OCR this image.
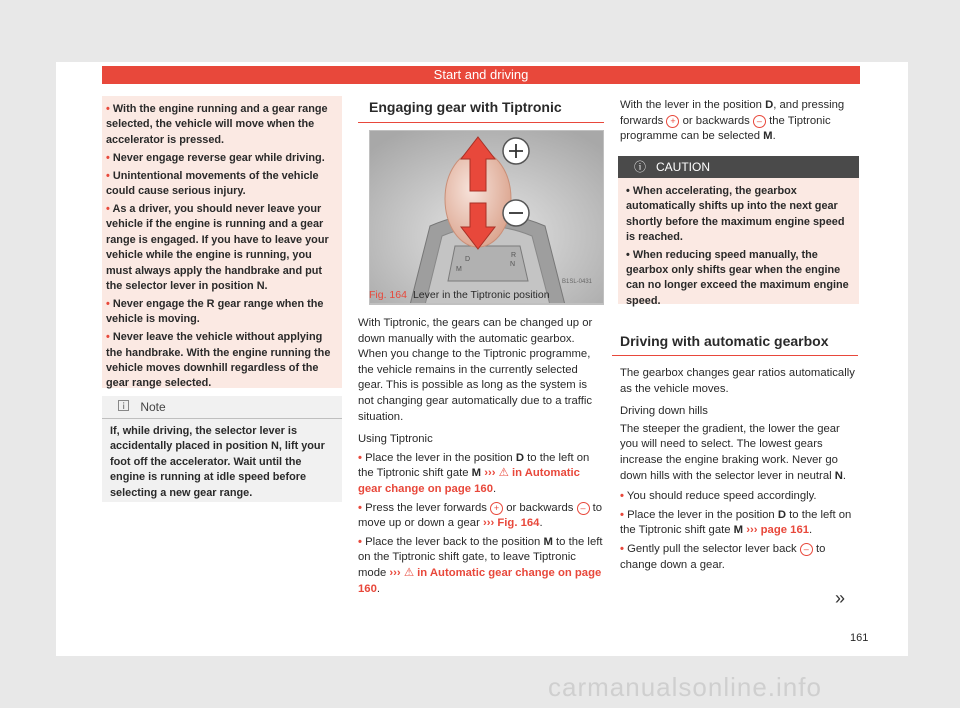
Start and driving

• With the engine running and a gear range selected, the vehicle will move when the accelerator is pressed.

• Never engage reverse gear while driving.

• Unintentional movements of the vehicle could cause serious injury.

• As a driver, you should never leave your vehicle if the engine is running and a gear range is engaged. If you have to leave your vehicle while the engine is running, you must always apply the handbrake and put the selector lever in position N.

• Never engage the R gear range when the vehicle is moving.

• Never leave the vehicle without applying the handbrake. With the engine running the vehicle moves downhill regardless of the gear range selected.

Note
If, while driving, the selector lever is accidentally placed in position N, lift your foot off the accelerator. Wait until the engine is running at idle speed before selecting a new gear range.
Engaging gear with Tiptronic
D
M
N
R
B1SL-0431
Fig. 164 Lever in the Tiptronic position
With Tiptronic, the gears can be changed up or down manually with the automatic gearbox. When you change to the Tiptronic programme, the vehicle remains in the currently selected gear. This is possible as long as the system is not changing gear automatically due to a traffic situation.
Using Tiptronic
• Place the lever in the position D to the left on the Tiptronic shift gate M ››› ⚠ in Automatic gear change on page 160.
• Press the lever forwards + or backwards – to move up or down a gear ››› Fig. 164.
• Place the lever back to the position M to the left on the Tiptronic shift gate, to leave Tiptronic mode ››› ⚠ in Automatic gear change on page 160.
With the lever in the position D, and pressing forwards + or backwards – the Tiptronic programme can be selected M.
ⓘ CAUTION

• When accelerating, the gearbox automatically shifts up into the next gear shortly before the maximum engine speed is reached.

• When reducing speed manually, the gearbox only shifts gear when the engine can no longer exceed the maximum engine speed.

Driving with automatic gearbox
The gearbox changes gear ratios automatically as the vehicle moves.
Driving down hills
The steeper the gradient, the lower the gear you will need to select. The lowest gears increase the engine braking work. Never go down hills with the selector lever in neutral N.
• You should reduce speed accordingly.
• Place the lever in the position D to the left on the Tiptronic shift gate M ››› page 161.
• Gently pull the selector lever back – to change down a gear.
»
161
carmanualsonline.info
